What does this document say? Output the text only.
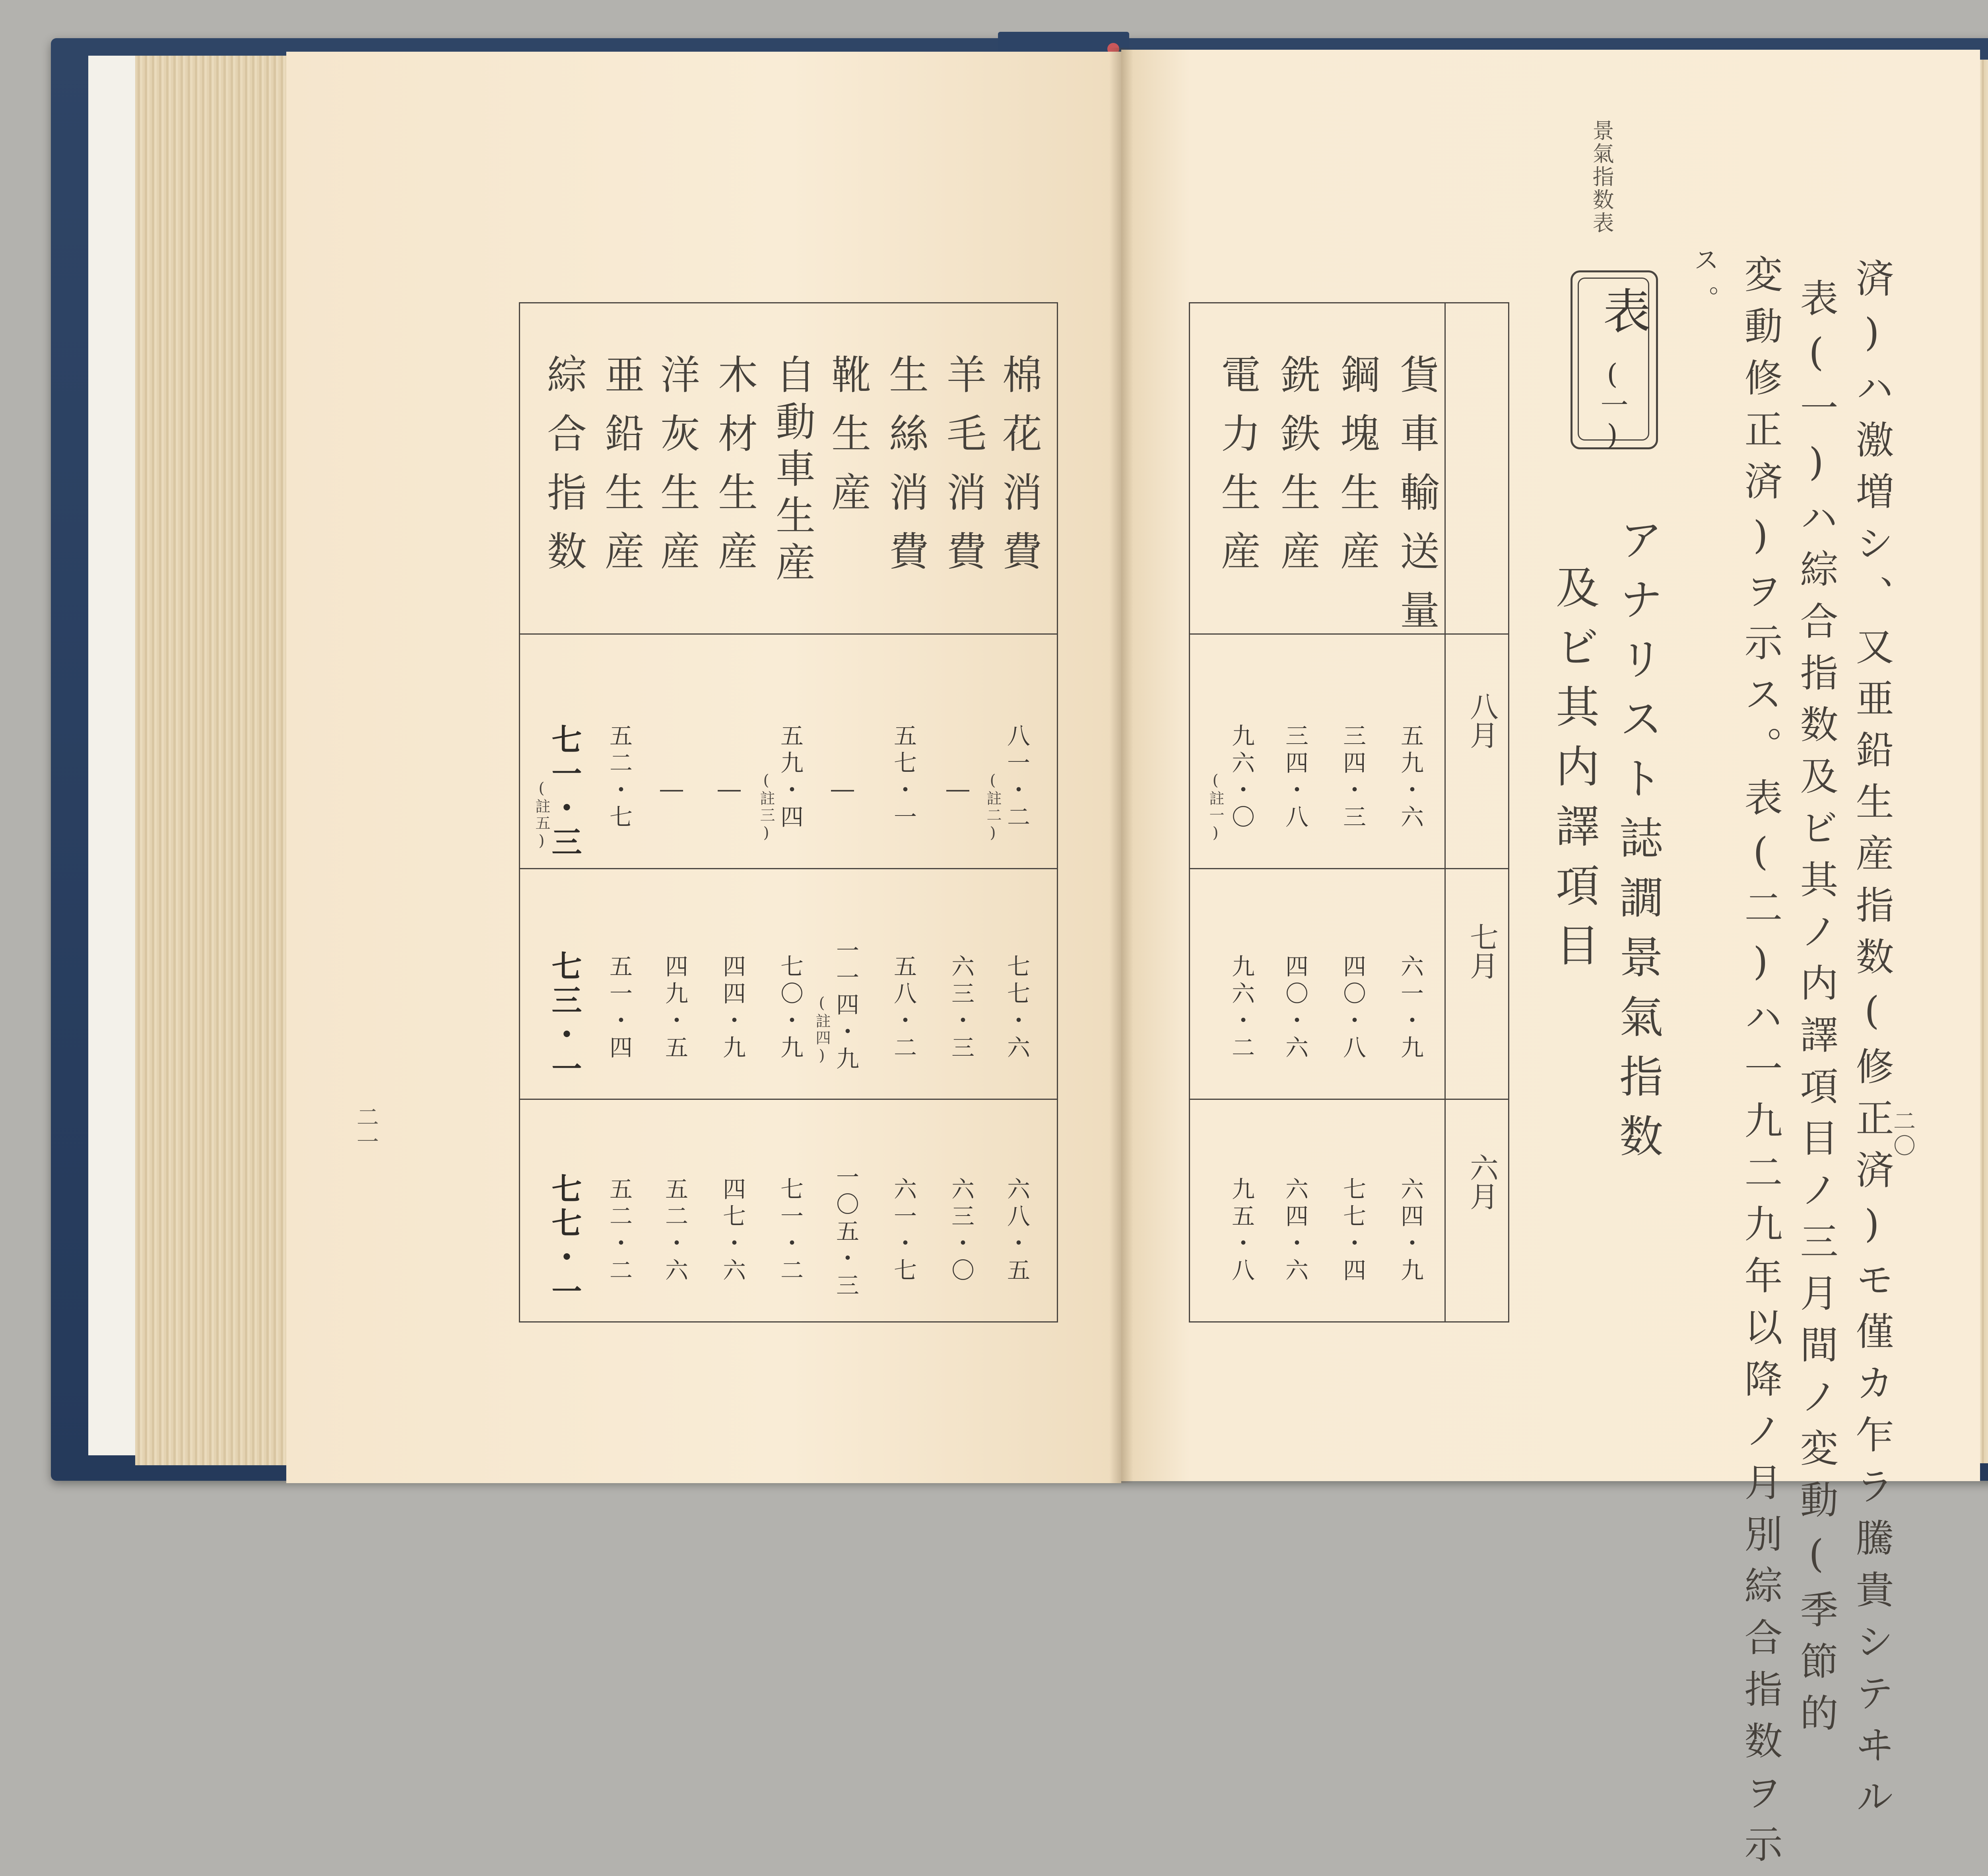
景氣指数表
済)ハ激増シ、又亜鉛生産指数(修正済)モ僅カ乍ラ騰貴シテヰル
表(一)ハ綜合指数及ビ其ノ内譯項目ノ三月間ノ変動(季節的
変動修正済)ヲ示ス。表(二)ハ一九二九年以降ノ月別綜合指数ヲ示
ス。
二〇
表
(一)
アナリスト誌譋景氣指数
及ビ其内譯項目
八月
七月
六月
貨車輸送量
鋼塊生産
銑鉄生産
電力生産
五九・六
三四・三
三四・八
九六・〇
(註一)
六一・九
四〇・八
四〇・六
九六・二
六四・九
七七・四
六四・六
九五・八
二一
棉花消費
羊毛消費
生絲消費
靴生産
自動車生産
木材生産
洋灰生産
亜鉛生産
綜合指数
八一・二
(註二)
―
五七・一
―
五九・四
(註三)
―
―
五二・七
七一・三
(註五)
七七・六
六三・三
五八・二
一一四・九
(註四)
七〇・九
四四・九
四九・五
五一・四
七三・一
六八・五
六三・〇
六一・七
一〇五・三
七一・二
四七・六
五二・六
五二・二
七七・一
